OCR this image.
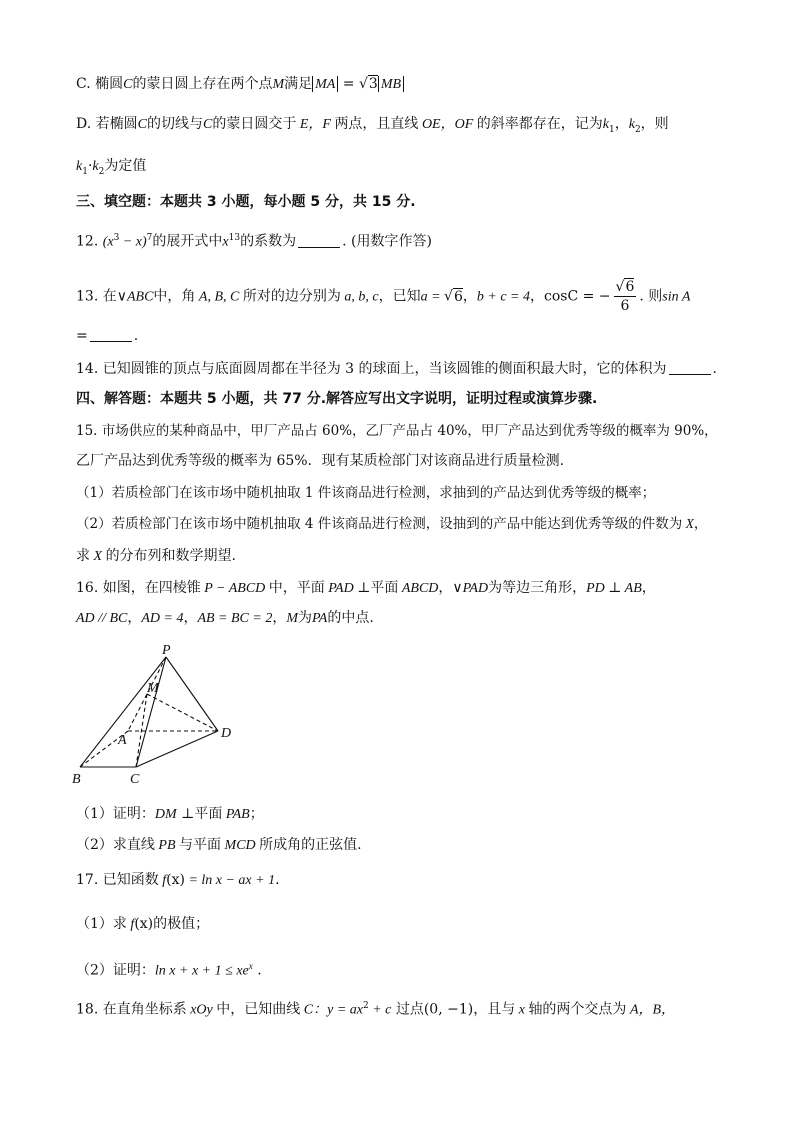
C. 椭圆C的蒙日圆上存在两个点M满足 MA = √3 MB
D. 若椭圆C的切线与C的蒙日圆交于 E，F 两点，且直线 OE，OF 的斜率都存在，记为$k_1$，$k_2$，则
$k_1\cdot k_2$为定值
三、填空题：本题共 3 小题，每小题 5 分，共 15 分.
12. $(x^3 - x)^7$的展开式中$x^{13}$的系数为	. (用数字作答)
13. 在∨ABC中，角 A, B, C 所对的边分别为 a, b, c，已知a = √6，b + c = 4，cosC = − $\frac{√6}{6}$ . 则sin A
=	.
14. 已知圆锥的顶点与底面圆周都在半径为 3 的球面上，当该圆锥的侧面积最大时，它的体积为	.
四、解答题：本题共 5 小题，共 77 分.解答应写出文字说明，证明过程或演算步骤.
15. 市场供应的某种商品中，甲厂产品占 60%，乙厂产品占 40%，甲厂产品达到优秀等级的概率为 90%，
乙厂产品达到优秀等级的概率为 65%．现有某质检部门对该商品进行质量检测.
（1）若质检部门在该市场中随机抽取 1 件该商品进行检测，求抽到的产品达到优秀等级的概率；
（2）若质检部门在该市场中随机抽取 4 件该商品进行检测，设抽到的产品中能达到优秀等级的件数为 X，
求 X 的分布列和数学期望.
16. 如图，在四棱锥 P − ABCD 中，平面 PAD ⊥平面 ABCD，∨PAD为等边三角形，PD ⊥ AB，
AD // BC，AD = 4，AB = BC = 2，M为PA的中点.
P
M
A	D
B	C
（1）证明：DM ⊥平面 PAB；
（2）求直线 PB 与平面 MCD 所成角的正弦值.
17. 已知函数 f(x) = ln x − ax + 1.
（1）求 f(x)的极值；
（2）证明：$\ln x + x + 1 \le xe^x$ .
18. 在直角坐标系 xOy 中，已知曲线 C：$y = ax^2 + c$ 过点(0, −1)，且与 x 轴的两个交点为 A，B，
